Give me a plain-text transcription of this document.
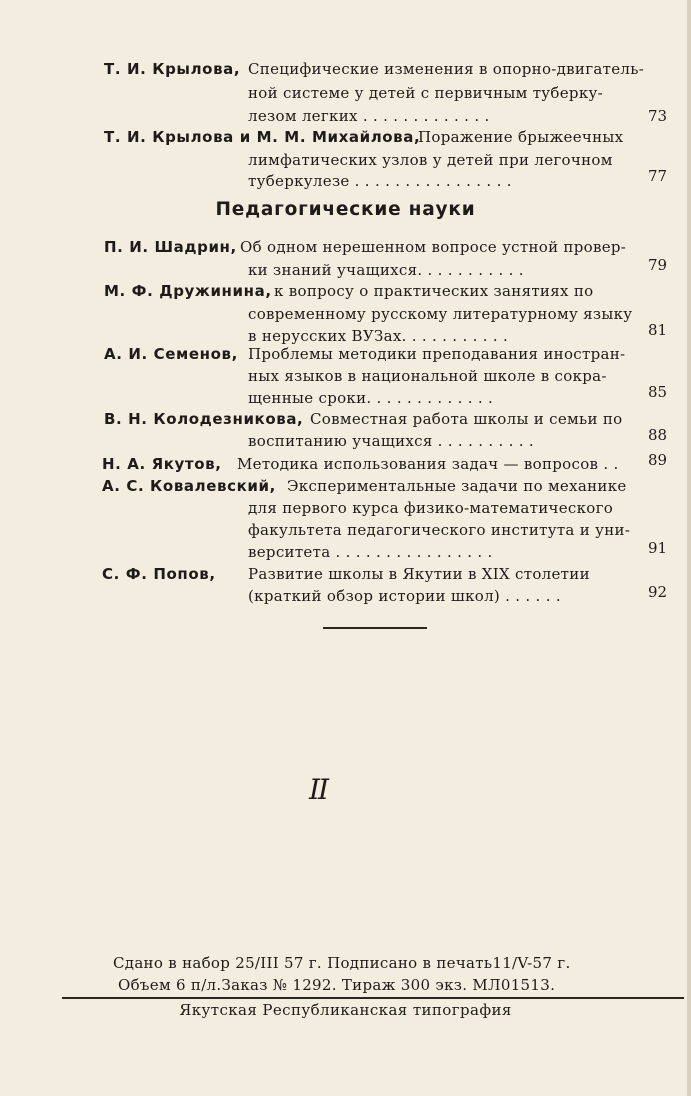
Т. И. Крылова, Специфические изменения в опорно-двигатель-
ной системе у детей с первичным туберку-
лезом легких . . . . . . . . . . . . .	73
Т. И. Крылова и М. М. Михайлова,
Поражение брыжеечных
лимфатических узлов у детей при легочном
туберкулезе . . . . . . . . . . . . . . . .	77
Педагогические науки
П. И. Шадрин, Об одном нерешенном вопросе устной провер-
ки знаний учащихся. . . . . . . . . . .	79
М. Ф. Дружинина, к вопросу о практических занятиях по
современному русскому литературному языку
в нерусских ВУЗах. . . . . . . . . . .	81
А. И. Семенов, Проблемы методики преподавания иностран-
ных языков в национальной школе в сокра-
щенные сроки. . . . . . . . . . . . .	85
В. Н. Колодезникова, Совместная работа школы и семьи по
воспитанию учащихся . . . . . . . . . .	88
Н. А. Якутов, Методика использования задач — вопросов . . 89
А. С. Ковалевский, Экспериментальные задачи по механике
для первого курса физико-математического
факультета педагогического института и уни-
верситета . . . . . . . . . . . . . . . .	91
С. Ф. Попов, Развитие школы в Якутии в XIX столетии
(краткий обзор истории школ) . . . . . .	92
II
Сдано в набор 25/III 57 г. Подписано в печать11/V-57 г.
Объем 6 п/л.Заказ № 1292. Тираж 300 экз. МЛ01513.
Якутская Республиканская типография
